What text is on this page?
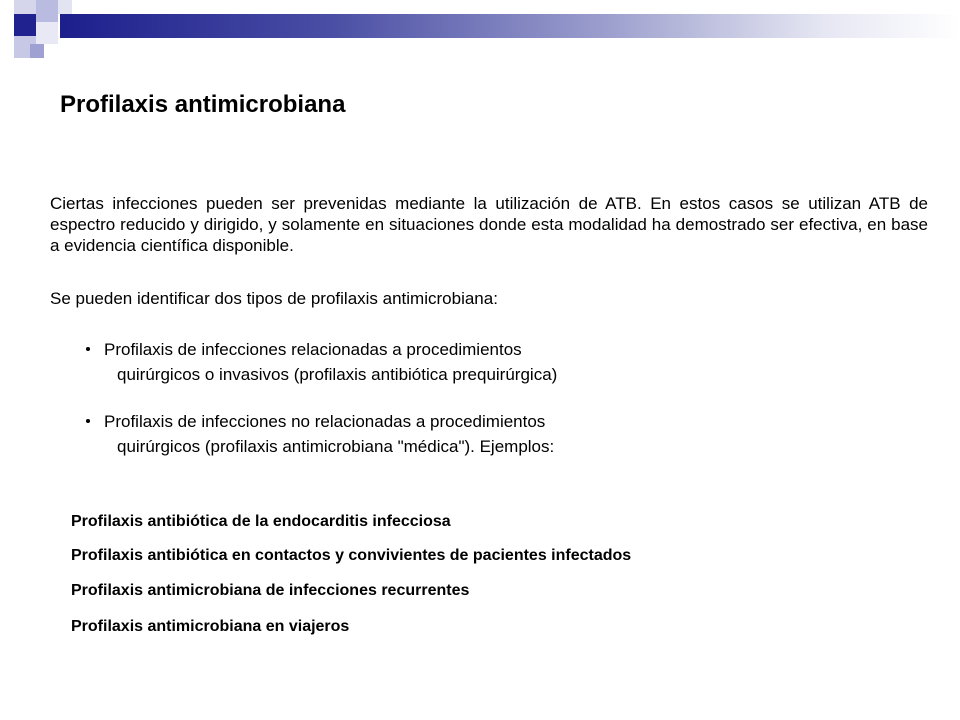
Profilaxis antimicrobiana

Ciertas infecciones pueden ser prevenidas mediante la utilización de ATB. En estos casos se utilizan ATB de espectro reducido y dirigido, y solamente en situaciones donde esta modalidad ha demostrado ser efectiva, en base a evidencia científica disponible.

Se pueden identificar dos tipos de profilaxis antimicrobiana:

Profilaxis de infecciones relacionadas a procedimientos
quirúrgicos o invasivos (profilaxis antibiótica prequirúrgica)
Profilaxis de infecciones no relacionadas a procedimientos
quirúrgicos (profilaxis antimicrobiana "médica"). Ejemplos:

Profilaxis antibiótica de la endocarditis infecciosa

Profilaxis antibiótica en contactos y convivientes de pacientes infectados

Profilaxis antimicrobiana de infecciones recurrentes

Profilaxis antimicrobiana en viajeros
